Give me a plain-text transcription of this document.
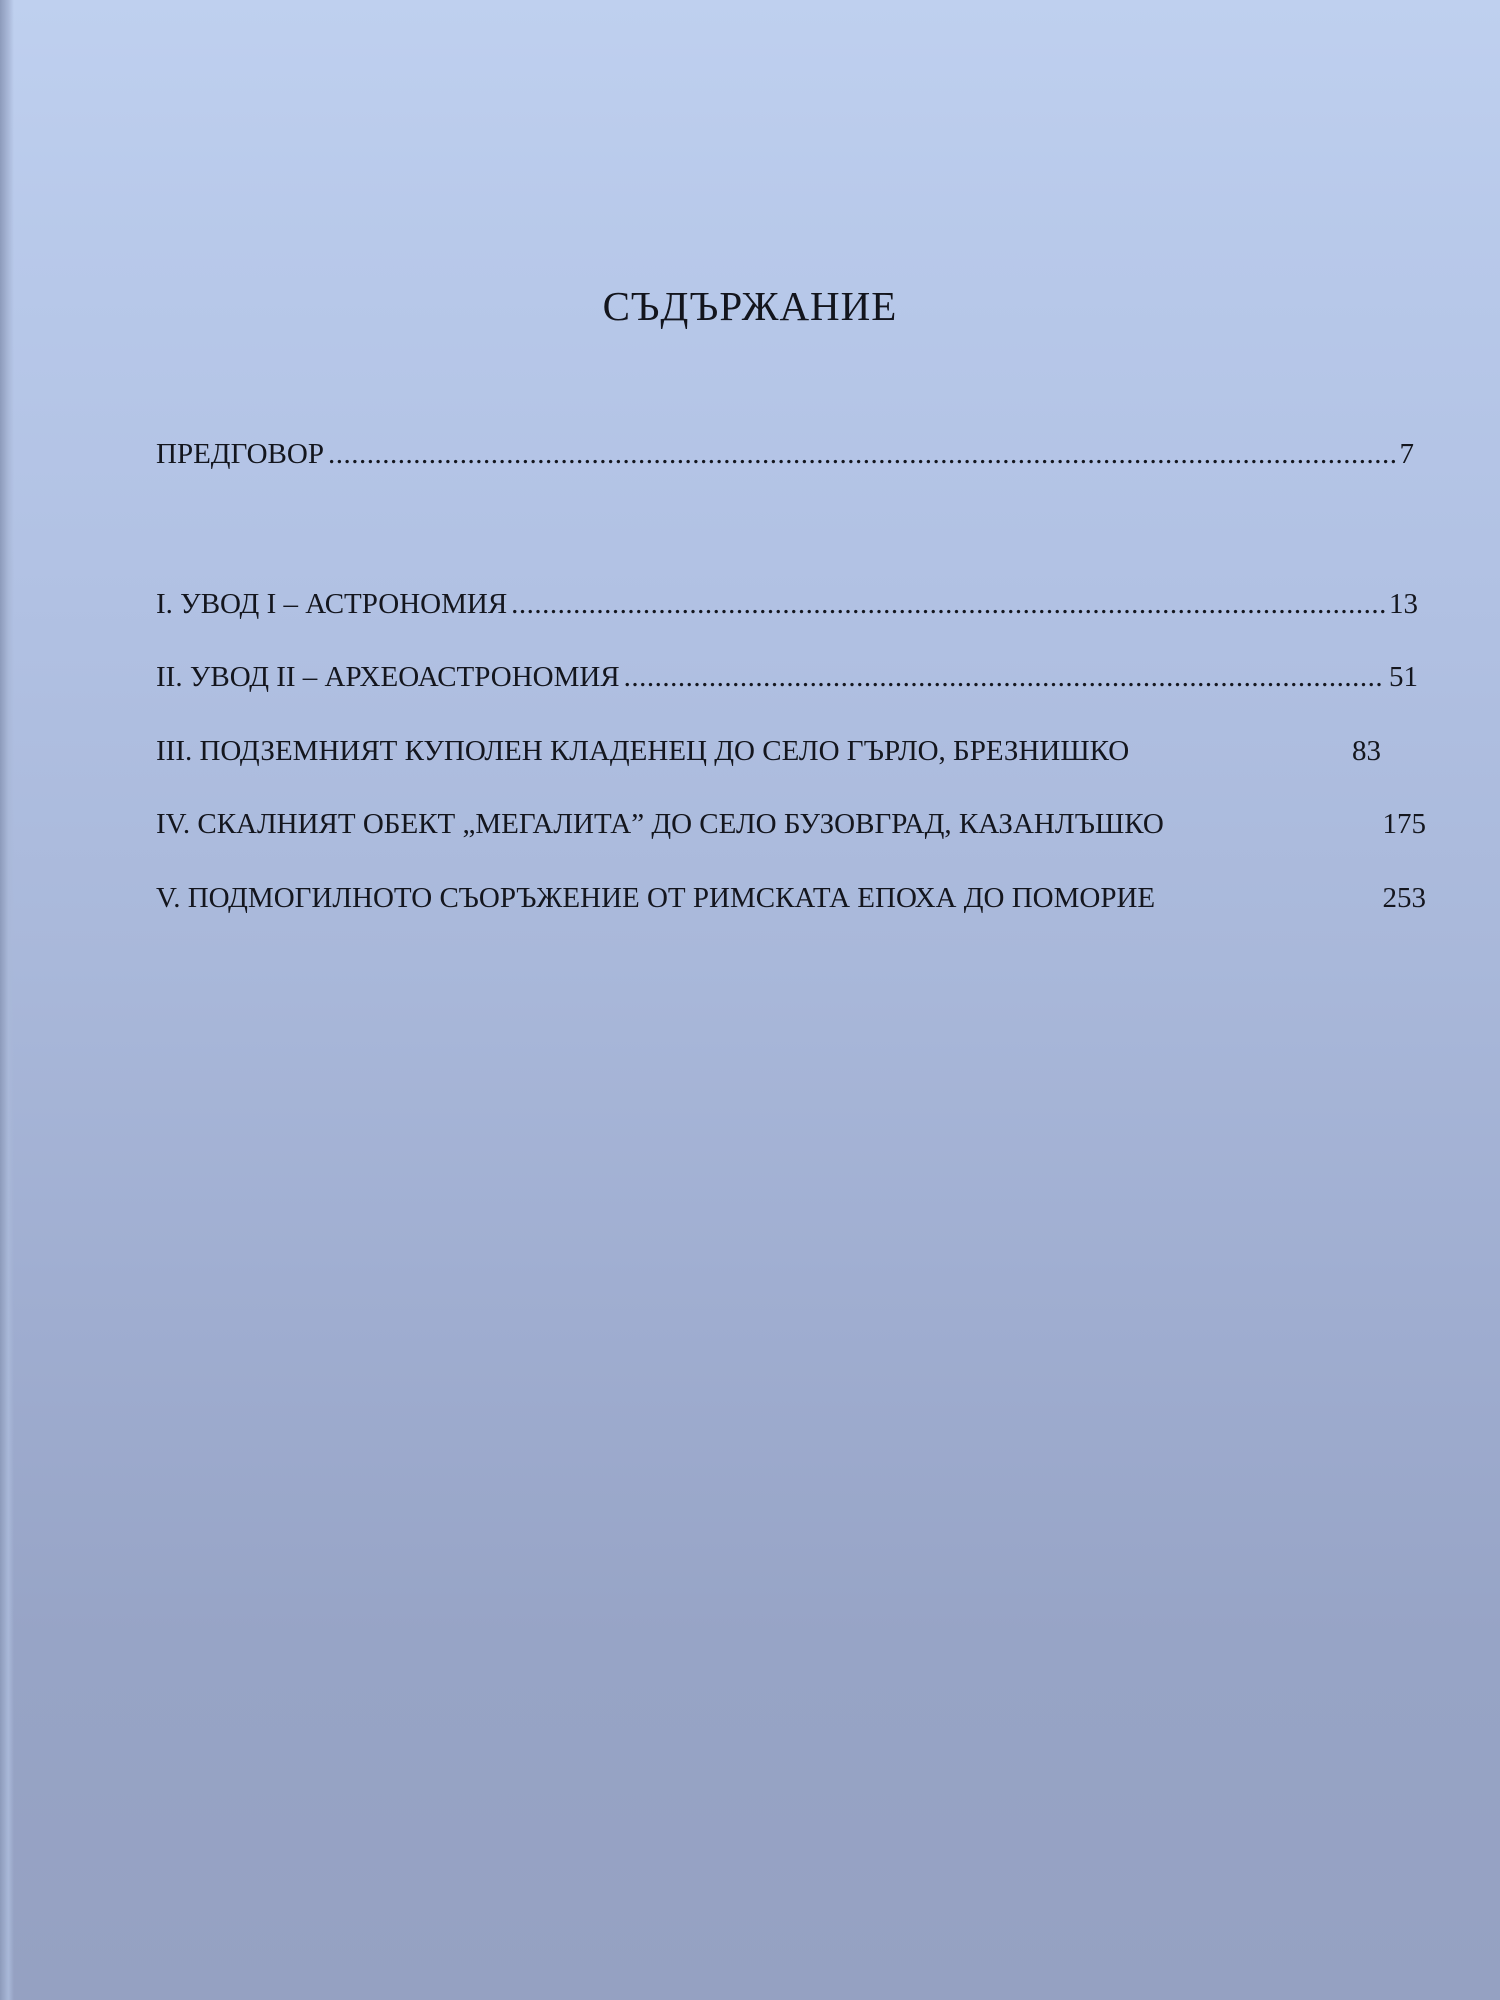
СЪДЪРЖАНИЕ
ПРЕДГОВОР .....	7
I. УВОД I – АСТРОНОМИЯ .....	13
II. УВОД II – АРХЕОАСТРОНОМИЯ .....	51
III. ПОДЗЕМНИЯТ КУПОЛЕН КЛАДЕНЕЦ ДО СЕЛО ГЪРЛО, БРЕЗНИШКО	83
IV. СКАЛНИЯТ ОБЕКТ „МЕГАЛИТА” ДО СЕЛО БУЗОВГРАД, КАЗАНЛЪШКО	175
V. ПОДМОГИЛНОТО СЪОРЪЖЕНИЕ ОТ РИМСКАТА ЕПОХА ДО ПОМОРИЕ	253
